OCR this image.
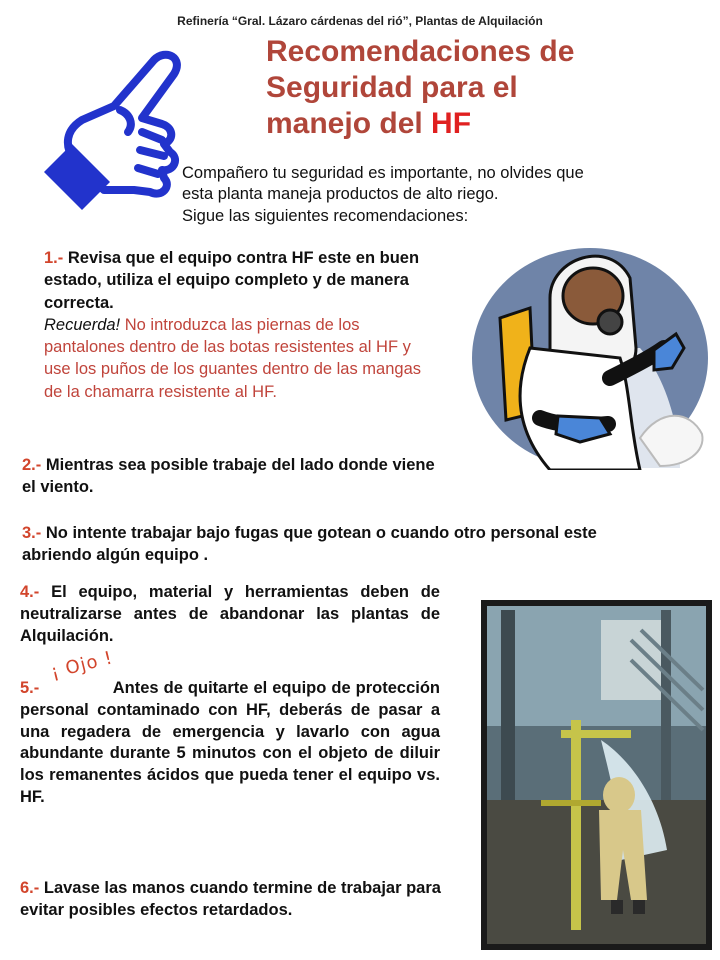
Refinería “Gral. Lázaro cárdenas del rió”, Plantas de Alquilación
Recomendaciones de
Seguridad para el
manejo del HF
Compañero tu seguridad es importante, no olvides que
esta planta maneja productos de alto riego.
Sigue las siguientes recomendaciones:
1.- Revisa que el equipo contra HF este en buen estado, utiliza el equipo completo y de manera correcta.
Recuerda! No introduzca las piernas de los pantalones dentro de las botas resistentes al HF y use los puños de los guantes dentro de las mangas de la chamarra resistente al HF.
2.- Mientras sea posible trabaje del lado donde viene el viento.
3.- No intente trabajar bajo fugas que gotean o cuando otro personal este abriendo algún equipo .
4.- El equipo, material y herramientas deben de neutralizarse antes de abandonar las plantas de Alquilación.
¡ Ojo !
5.-	Antes de quitarte el equipo de protección personal contaminado con HF, deberás de pasar a una regadera de emergencia y lavarlo con agua abundante durante 5 minutos con el objeto de diluir los remanentes ácidos que pueda tener el equipo vs. HF.
6.- Lavase las manos cuando termine de trabajar para evitar posibles efectos retardados.
